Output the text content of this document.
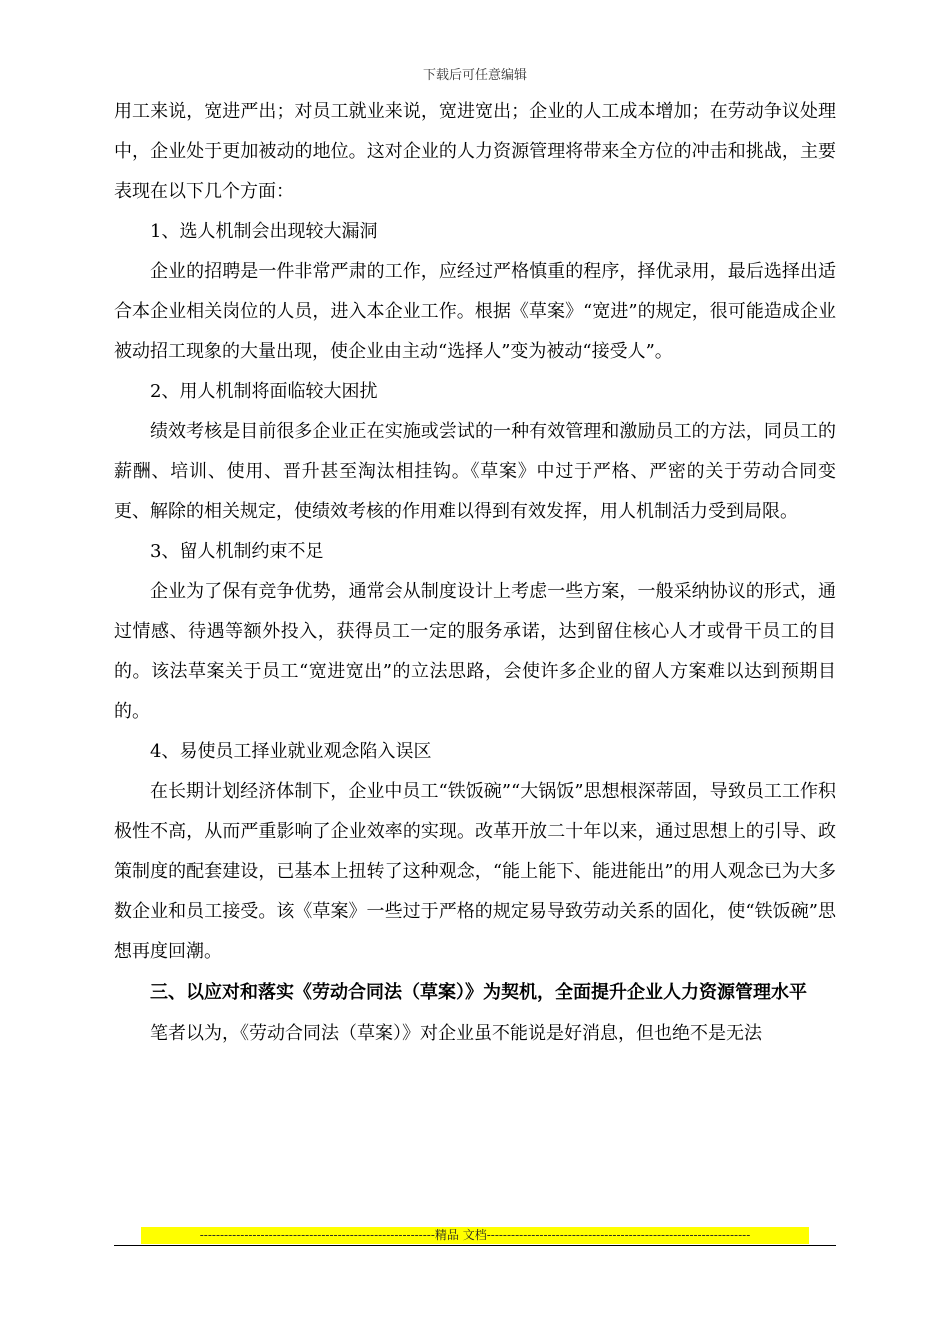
下载后可任意编辑

用工来说，宽进严出；对员工就业来说，宽进宽出；企业的人工成本增加；在劳动争议处理中，企业处于更加被动的地位。这对企业的人力资源管理将带来全方位的冲击和挑战，主要表现在以下几个方面：

1、选人机制会出现较大漏洞

企业的招聘是一件非常严肃的工作，应经过严格慎重的程序，择优录用，最后选择出适合本企业相关岗位的人员，进入本企业工作。根据《草案》“宽进”的规定，很可能造成企业被动招工现象的大量出现，使企业由主动“选择人”变为被动“接受人”。

2、用人机制将面临较大困扰

绩效考核是目前很多企业正在实施或尝试的一种有效管理和激励员工的方法，同员工的薪酬、培训、使用、晋升甚至淘汰相挂钩。《草案》中过于严格、严密的关于劳动合同变更、解除的相关规定，使绩效考核的作用难以得到有效发挥，用人机制活力受到局限。

3、留人机制约束不足

企业为了保有竞争优势，通常会从制度设计上考虑一些方案，一般采纳协议的形式，通过情感、待遇等额外投入，获得员工一定的服务承诺，达到留住核心人才或骨干员工的目的。该法草案关于员工“宽进宽出”的立法思路，会使许多企业的留人方案难以达到预期目的。

4、易使员工择业就业观念陷入误区

在长期计划经济体制下，企业中员工“铁饭碗”“大锅饭”思想根深蒂固，导致员工工作积极性不高，从而严重影响了企业效率的实现。改革开放二十年以来，通过思想上的引导、政策制度的配套建设，已基本上扭转了这种观念，“能上能下、能进能出”的用人观念已为大多数企业和员工接受。该《草案》一些过于严格的规定易导致劳动关系的固化，使“铁饭碗”思想再度回潮。

三、以应对和落实《劳动合同法（草案）》为契机，全面提升企业人力资源管理水平

笔者以为，《劳动合同法（草案）》对企业虽不能说是好消息，但也绝不是无法

----------------------------------------------------------精品 文档-----------------------------------------------------------------
